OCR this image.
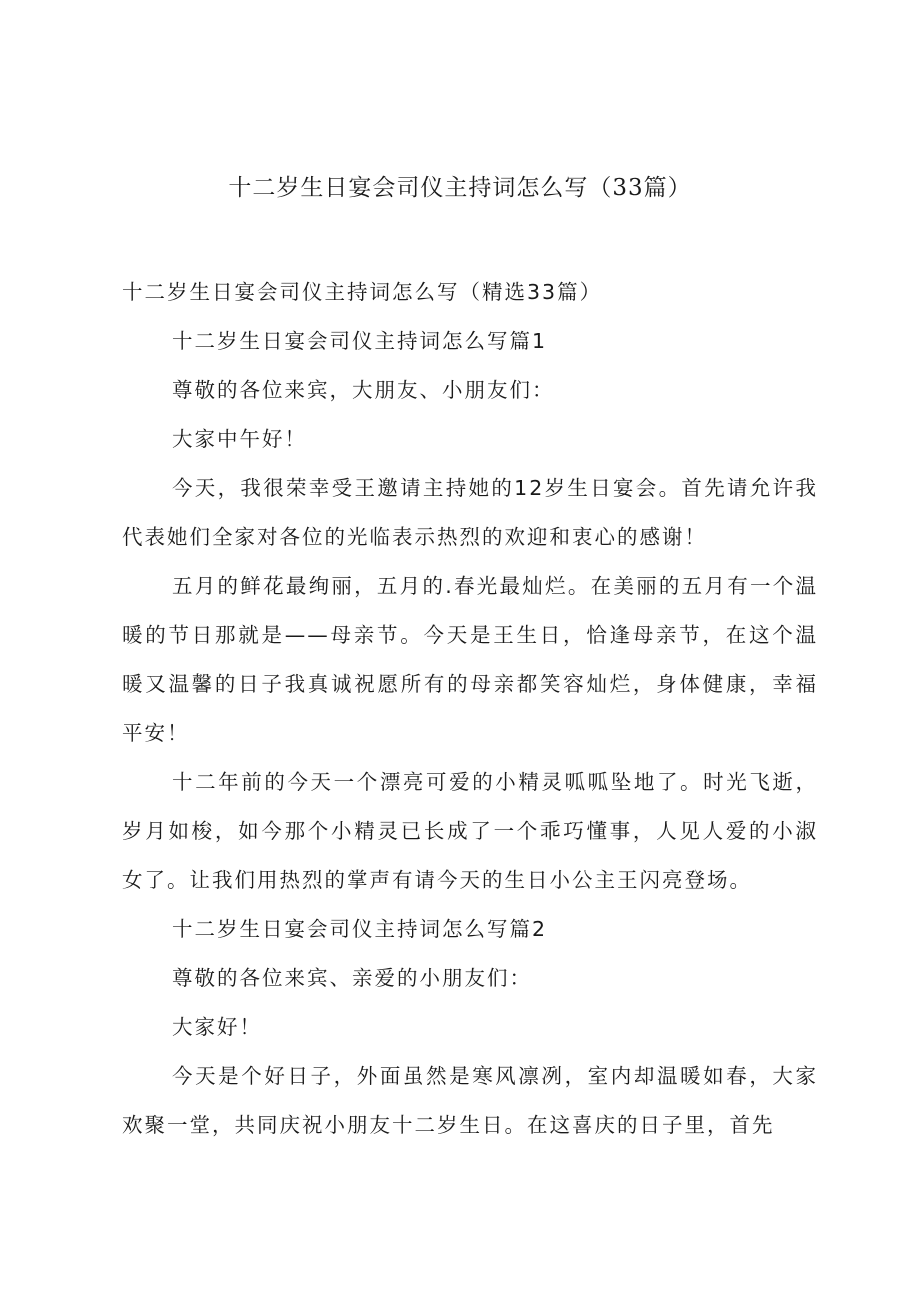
十二岁生日宴会司仪主持词怎么写（33篇）

十二岁生日宴会司仪主持词怎么写（精选33篇）

十二岁生日宴会司仪主持词怎么写篇1

尊敬的各位来宾，大朋友、小朋友们：

大家中午好！

今天，我很荣幸受王邀请主持她的12岁生日宴会。首先请允许我代表她们全家对各位的光临表示热烈的欢迎和衷心的感谢！

五月的鲜花最绚丽，五月的.春光最灿烂。在美丽的五月有一个温暖的节日那就是——母亲节。今天是王生日，恰逢母亲节，在这个温暖又温馨的日子我真诚祝愿所有的母亲都笑容灿烂，身体健康，幸福平安！

十二年前的今天一个漂亮可爱的小精灵呱呱坠地了。时光飞逝，岁月如梭，如今那个小精灵已长成了一个乖巧懂事，人见人爱的小淑女了。让我们用热烈的掌声有请今天的生日小公主王闪亮登场。

十二岁生日宴会司仪主持词怎么写篇2

尊敬的各位来宾、亲爱的小朋友们：

大家好！

今天是个好日子，外面虽然是寒风凛冽，室内却温暖如春，大家欢聚一堂，共同庆祝小朋友十二岁生日。在这喜庆的日子里，首先
